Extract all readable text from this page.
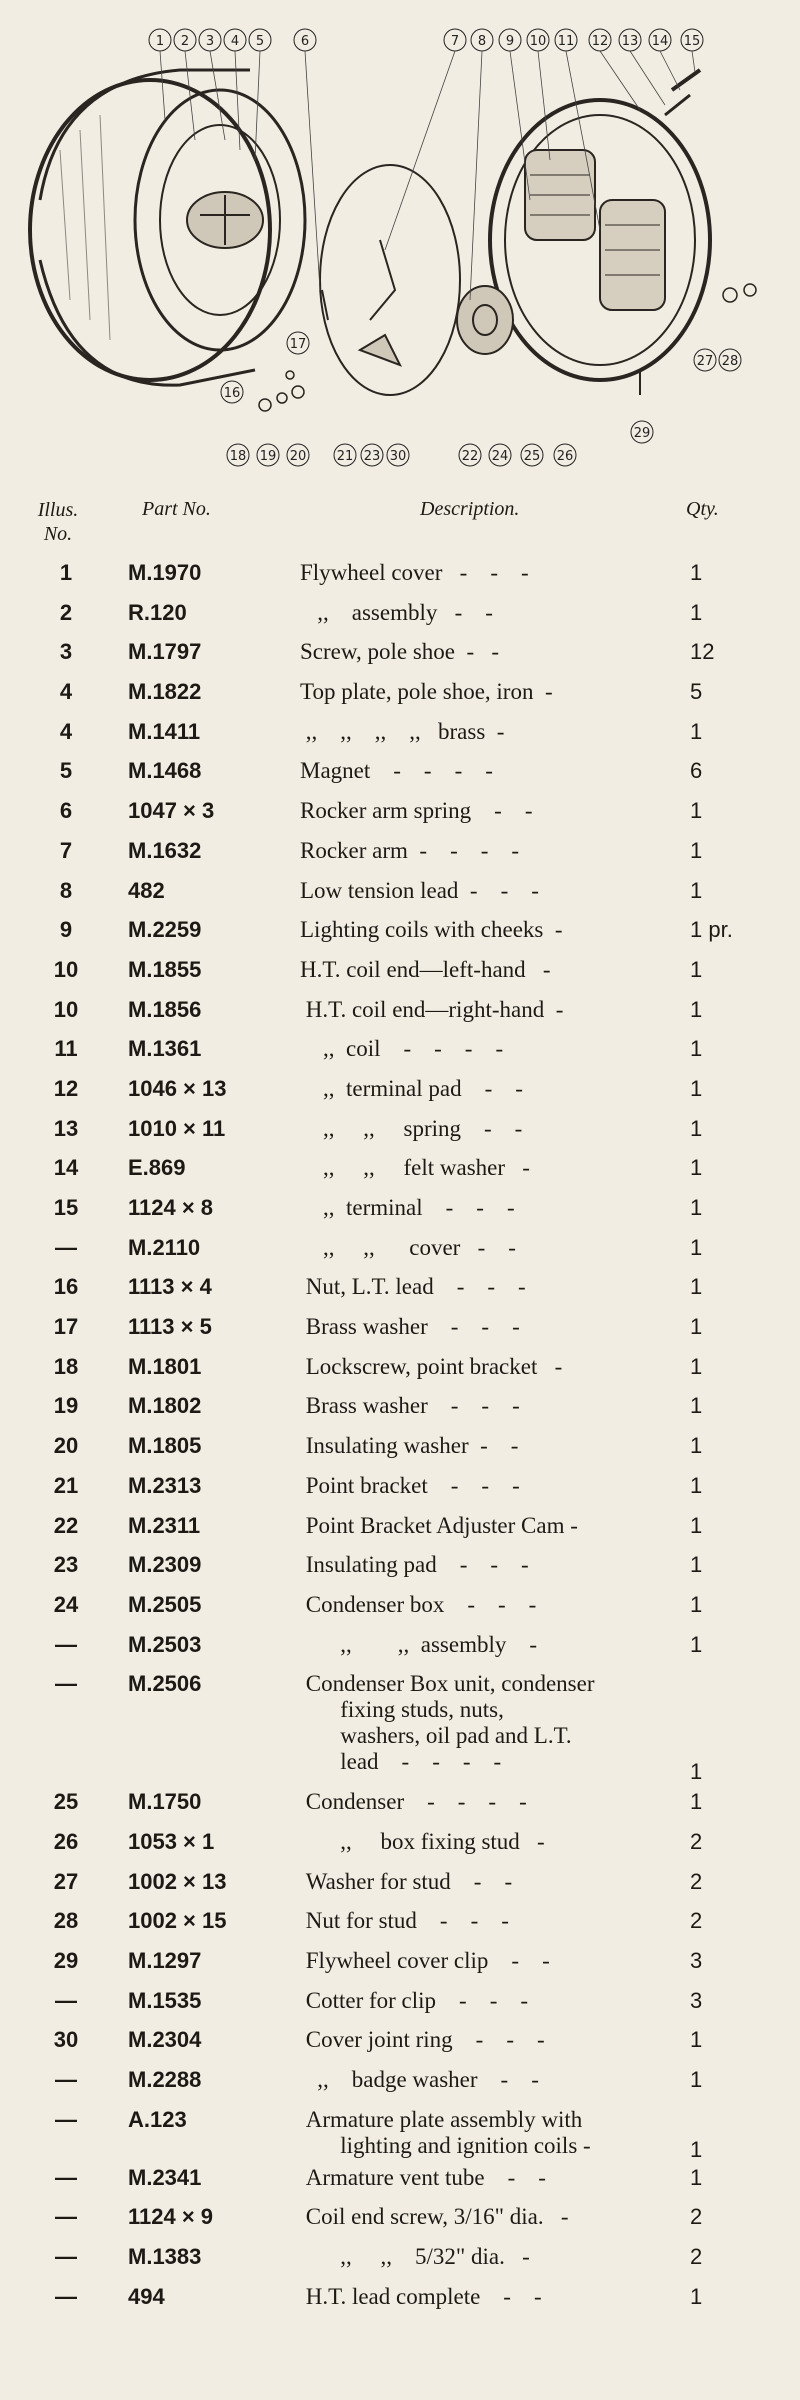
1 2 3 4 5	6	7 8 9 10 11 12 13 14 15
16
17
18 19 20 21	22
23	24 25 26
27 28
29
30
Illus.
No.
Part No.	Description.	Qty.
1	M.1970	Flywheel cover   -    -    -	1
2	R.120	,,    assembly   -    -	1
3	M.1797	Screw, pole shoe  -   -	12
4	M.1822	Top plate, pole shoe, iron  -	5
4	M.1411	,,    ,,    ,,    ,,   brass  -	1
5	M.1468	Magnet    -    -    -    -	6
6	1047 × 3	Rocker arm spring    -    -	1
7	M.1632	Rocker arm  -    -    -    -	1
8	482	Low tension lead  -    -    -	1
9	M.2259	Lighting coils with cheeks  -	1 pr.
10	M.1855	H.T. coil end—left-hand   -	1
10	M.1856	H.T. coil end—right-hand  -	1
11	M.1361	,,  coil    -    -    -    -	1
12	1046 × 13	,,  terminal pad    -    -	1
13	1010 × 11	,,     ,,     spring    -    -	1
14	E.869	,,     ,,     felt washer   -	1
15	1124 × 8	,,  terminal    -    -    -	1
—	M.2110	,,     ,,      cover   -    -	1
16	1113 × 4	Nut, L.T. lead    -    -    -	1
17	1113 × 5	Brass washer    -    -    -	1
18	M.1801	Lockscrew, point bracket   -	1
19	M.1802	Brass washer    -    -    -	1
20	M.1805	Insulating washer  -    -	1
21	M.2313	Point bracket    -    -    -	1
22	M.2311	Point Bracket Adjuster Cam -	1
23	M.2309	Insulating pad    -    -    -	1
24	M.2505	Condenser box    -    -    -	1
—	M.2503	,,        ,,  assembly    -	1
—	M.2506	Condenser Box unit, condenser
fixing studs, nuts,
washers, oil pad and L.T.
lead    -    -    -    -	1
25	M.1750	Condenser    -    -    -    -	1
26	1053 × 1	,,     box fixing stud   -	2
27	1002 × 13	Washer for stud    -    -	2
28	1002 × 15	Nut for stud    -    -    -	2
29	M.1297	Flywheel cover clip    -    -	3
—	M.1535	Cotter for clip    -    -    -	3
30	M.2304	Cover joint ring    -    -    -	1
—	M.2288	,,    badge washer    -    -	1
—	A.123	Armature plate assembly with
lighting and ignition coils -	1
—	M.2341	Armature vent tube    -    -	1
—	1124 × 9	Coil end screw, 3/16" dia.   -	2
—	M.1383	,,     ,,    5/32" dia.   -	2
—	494	H.T. lead complete    -    -	1
